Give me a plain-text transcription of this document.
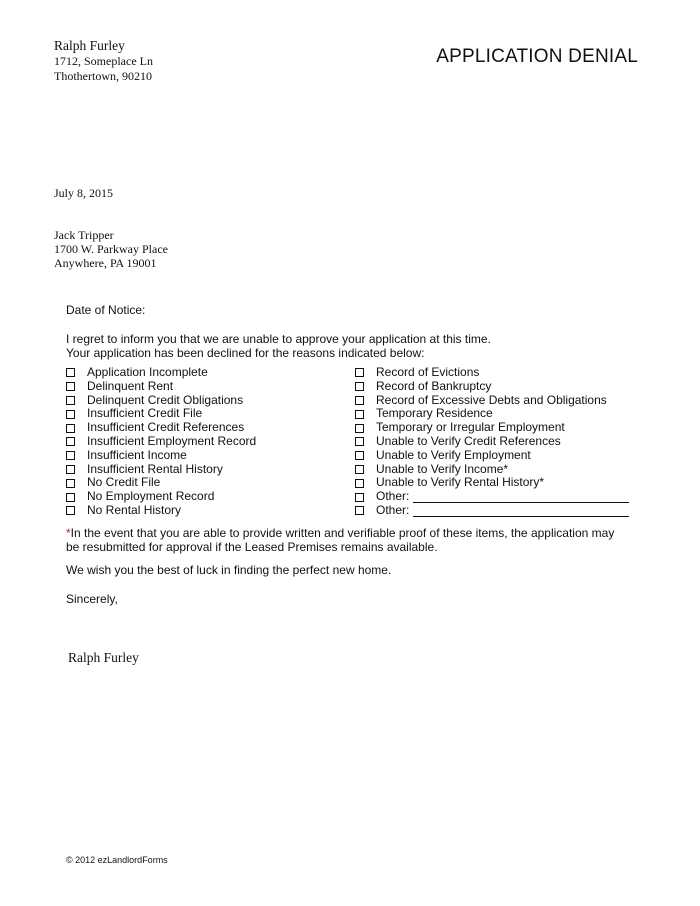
Ralph Furley
1712, Someplace Ln
Thothertown, 90210
APPLICATION DENIAL
July 8, 2015
Jack Tripper
1700 W. Parkway Place
Anywhere, PA 19001
Date of Notice:
I regret to inform you that we are unable to approve your application at this time.
Your application has been declined for the reasons indicated below:
Application Incomplete
Delinquent Rent
Delinquent Credit Obligations
Insufficient Credit File
Insufficient Credit References
Insufficient Employment Record
Insufficient Income
Insufficient Rental History
No Credit File
No Employment Record
No Rental History
Record of Evictions
Record of Bankruptcy
Record of Excessive Debts and Obligations
Temporary Residence
Temporary or Irregular Employment
Unable to Verify Credit References
Unable to Verify Employment
Unable to Verify Income*
Unable to Verify Rental History*
Other:
Other:
*In the event that you are able to provide written and verifiable proof of these items, the application may be resubmitted for approval if the Leased Premises remains available.
We wish you the best of luck in finding the perfect new home.
Sincerely,
Ralph Furley
© 2012 ezLandlordForms
